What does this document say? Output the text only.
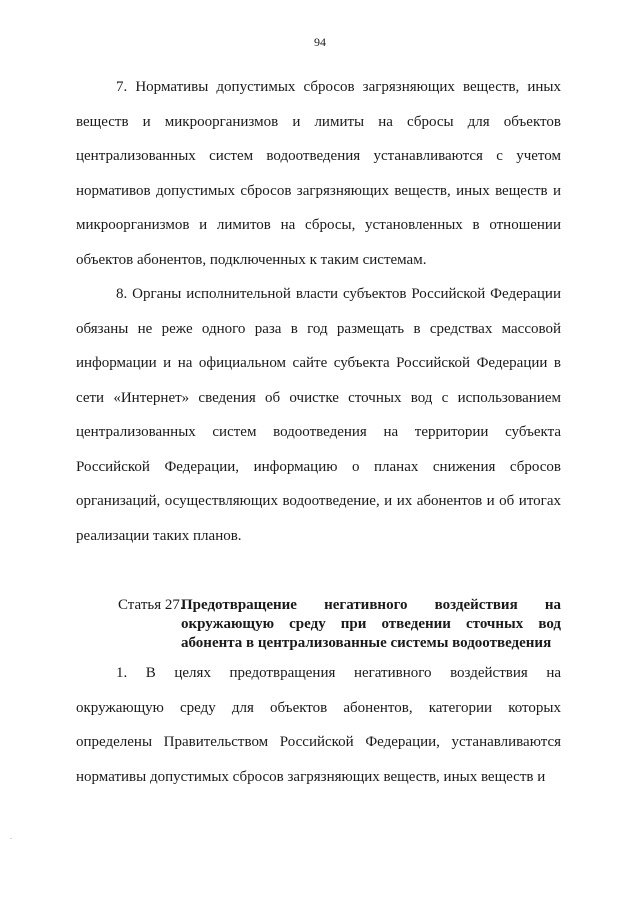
94

7. Нормативы допустимых сбросов загрязняющих веществ, иных веществ и микроорганизмов и лимиты на сбросы для объектов централизованных систем водоотведения устанавливаются с учетом нормативов допустимых сбросов загрязняющих веществ, иных веществ и микроорганизмов и лимитов на сбросы, установленных в отношении объектов абонентов, подключенных к таким системам.

8. Органы исполнительной власти субъектов Российской Федерации обязаны не реже одного раза в год размещать в средствах массовой информации и на официальном сайте субъекта Российской Федерации в сети «Интернет» сведения об очистке сточных вод с использованием централизованных систем водоотведения на территории субъекта Российской Федерации, информацию о планах снижения сбросов организаций, осуществляющих водоотведение, и их абонентов и об итогах реализации таких планов.

Статья 27.
Предотвращение негативного воздействия на окружающую среду при отведении сточных вод абонента в централизованные системы водоотведения

1. В целях предотвращения негативного воздействия на окружающую среду для объектов абонентов, категории которых определены Правительством Российской Федерации, устанавливаются нормативы допустимых сбросов загрязняющих веществ, иных веществ и

.
